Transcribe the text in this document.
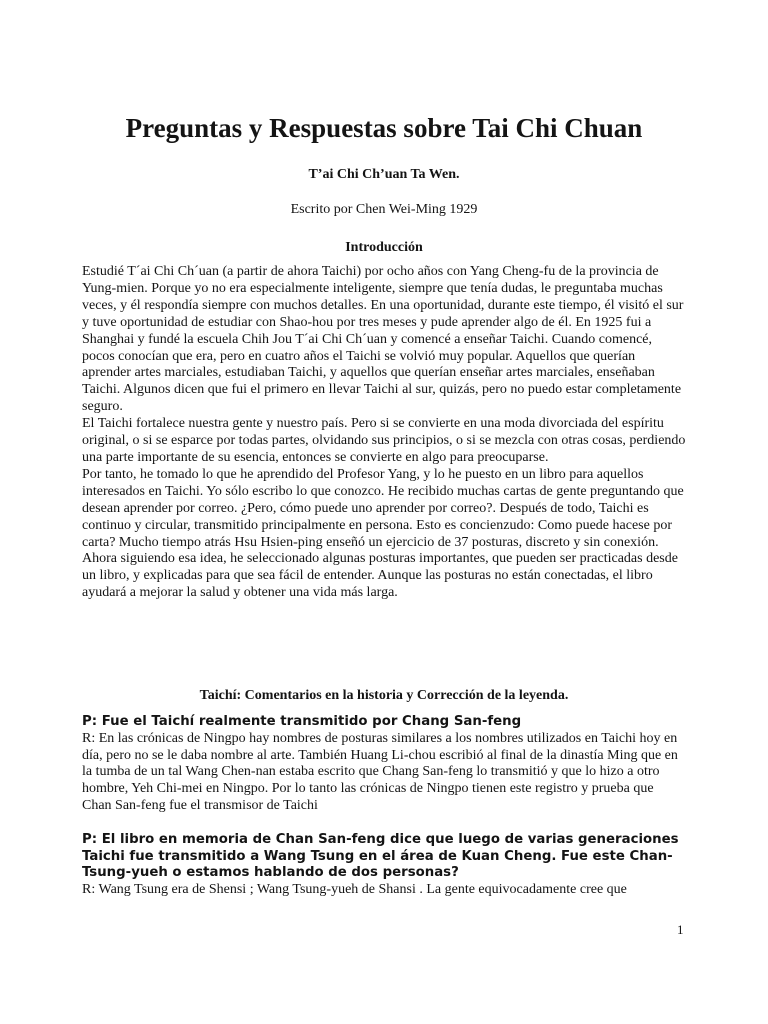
Preguntas y Respuestas sobre Tai Chi Chuan
T’ai Chi Ch’uan Ta Wen.
Escrito por Chen Wei-Ming 1929
Introducción

Estudié T´ai Chi Ch´uan (a partir de ahora Taichi) por ocho años con Yang Cheng-fu de la provincia de Yung-mien. Porque yo no era especialmente inteligente, siempre que tenía dudas, le preguntaba muchas veces, y él respondía siempre con muchos detalles. En una oportunidad, durante este tiempo, él visitó el sur y tuve oportunidad de estudiar con Shao-hou por tres meses y pude aprender algo de él. En 1925 fui a Shanghai y fundé la escuela Chih Jou T´ai Chi Ch´uan y comencé a enseñar Taichi. Cuando comencé, pocos conocían que era, pero en cuatro años el Taichi se volvió muy popular. Aquellos que querían aprender artes marciales, estudiaban Taichi, y aquellos que querían enseñar artes marciales, enseñaban Taichi. Algunos dicen que fui el primero en llevar Taichi al sur, quizás, pero no puedo estar completamente seguro.

El Taichi fortalece nuestra gente y nuestro país. Pero si se convierte en una moda divorciada del espíritu original, o si se esparce por todas partes, olvidando sus principios, o si se mezcla con otras cosas, perdiendo una parte importante de su esencia, entonces se convierte en algo para preocuparse.

Por tanto, he tomado lo que he aprendido del Profesor Yang, y lo he puesto en un libro para aquellos interesados en Taichi. Yo sólo escribo lo que conozco. He recibido muchas cartas de gente preguntando que desean aprender por correo. ¿Pero, cómo puede uno aprender por correo?. Después de todo, Taichi es continuo y circular, transmitido principalmente en persona. Esto es concienzudo: Como puede hacese por carta? Mucho tiempo atrás Hsu Hsien-ping enseñó un ejercicio de 37 posturas, discreto y sin conexión. Ahora siguiendo esa idea, he seleccionado algunas posturas importantes, que pueden ser practicadas desde un libro, y explicadas para que sea fácil de entender. Aunque las posturas no están conectadas, el libro ayudará a mejorar la salud y obtener una vida más larga.

Taichí: Comentarios en la historia y Corrección de la leyenda.

P: Fue el Taichí realmente transmitido por Chang San-feng

R: En las crónicas de Ningpo hay nombres de posturas similares a los nombres utilizados en Taichi hoy en día, pero no se le daba nombre al arte. También Huang Li-chou escribió al final de la dinastía Ming que en la tumba de un tal Wang Chen-nan estaba escrito que Chang San-feng lo transmitió y que lo hizo a otro hombre, Yeh Chi-mei en Ningpo. Por lo tanto las crónicas de Ningpo tienen este registro y prueba que Chan San-feng fue el transmisor de Taichi

P: El libro en memoria de Chan San-feng dice que luego de varias generaciones Taichi fue transmitido a Wang Tsung en el área de Kuan Cheng. Fue este Chan-Tsung-yueh o estamos hablando de dos personas?

R: Wang Tsung era de Shensi ; Wang Tsung-yueh de Shansi . La gente equivocadamente cree que

1
